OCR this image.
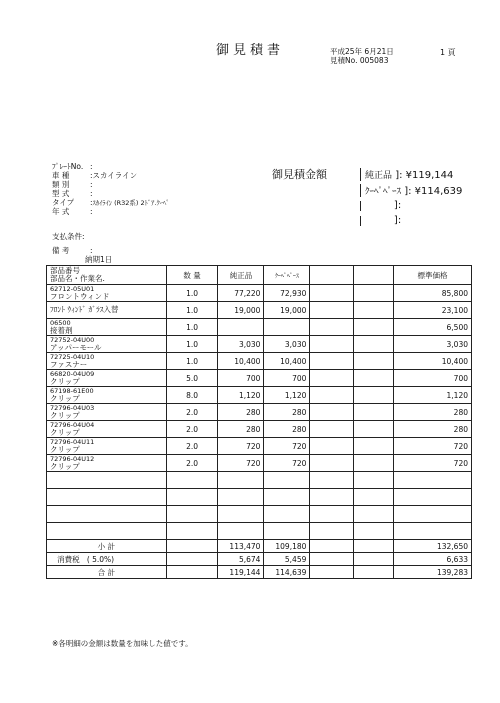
御見積書	平成25年 6月21日
見積No. 005083
1 頁
ﾌﾟﾚｰﾄNo. :
車 種	:スカイライン
類 別	:
型 式	:
タイプ :ｽｶｲﾗｲﾝ (R32系) 2ﾄﾞｱ.ｸｰﾍﾟ
年 式	:
支払条件:
備 考	:
納期1日
御見積金額	純正品 ]: ¥119,144
ｸｰﾍﾟﾍﾟｰｽ ]: ¥114,639
]:
]:
部品番号
部品名・作業名.	数 量	純正品	ｸｰﾍﾟﾍﾟｰｽ			標準価格

62712-05U01
フロントウィンド	1.0	77,220	72,930			85,800

ﾌﾛﾝﾄ ｳｨﾝﾄﾞ ｶﾞﾗｽ入替	1.0	19,000	19,000			23,100

06500
接着剤	1.0					6,500

72752-04U00
アッパーモール	1.0	3,030	3,030			3,030

72725-04U10
ファスナー	1.0	10,400	10,400			10,400

66820-04U09
クリップ	5.0	700	700			700

67198-61E00
クリップ	8.0	1,120	1,120			1,120

72796-04U03
クリップ	2.0	280	280			280

72796-04U04
クリップ	2.0	280	280			280

72796-04U11
クリップ	2.0	720	720			720

72796-04U12
クリップ	2.0	720	720			720

小 計		113,470	109,180			132,650
消費税 ( 5.0%)		5,674	5,459			6,633
合 計		119,144	114,639			139,283
※各明細の金額は数量を加味した値です。
